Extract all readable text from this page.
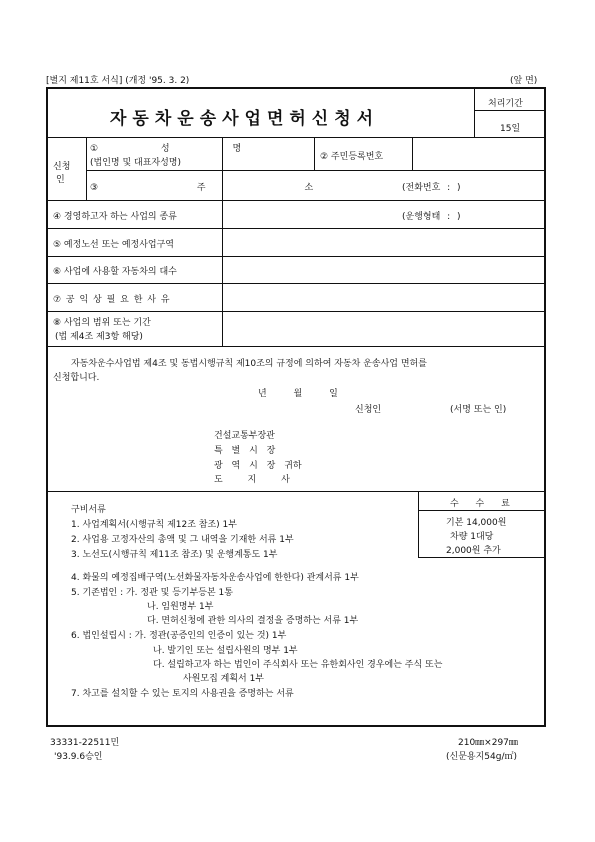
[별지 제11호 서식] (개정 '95. 3. 2)	(앞 면)
자동차운송사업면허신청서
처리기간
15일
신청
인
① 성 명
(법인명 및 대표자성명)
② 주민등록번호
③ 주 소	(전화번호 : )
④ 경영하고자 하는 사업의 종류	(운행형태 : )
⑤ 예정노선 또는 예정사업구역
⑥ 사업에 사용할 자동차의 대수
⑦ 공 익 상 필 요 한 사 유
⑧ 사업의 범위 또는 기간
(법 제4조 제3항 해당)
자동차운수사업법 제4조 및 동법시행규칙 제10조의 규정에 의하여 자동차 운송사업 면허를
신청합니다.
년 월 일
신청인	(서명 또는 인)
건설교통부장관
특 별 시 장
광 역 시 장 귀하
도 지 사
수 수 료
기본 14,000원
차량 1대당
2,000원 추가
구비서류
1. 사업계획서(시행규칙 제12조 참조) 1부
2. 사업용 고정자산의 총액 및 그 내역을 기재한 서류 1부
3. 노선도(시행규칙 제11조 참조) 및 운행계통도 1부
4. 화물의 예정집배구역(노선화물자동차운송사업에 한한다) 관계서류 1부
5. 기존법인 : 가. 정관 및 등기부등본 1통
나. 임원명부 1부
다. 면허신청에 관한 의사의 결정을 증명하는 서류 1부
6. 법인설립시 : 가. 정관(공증인의 인증이 있는 것) 1부
나. 발기인 또는 설립사원의 명부 1부
다. 설립하고자 하는 법인이 주식회사 또는 유한회사인 경우에는 주식 또는
사원모집 계획서 1부
7. 차고를 설치할 수 있는 토지의 사용권을 증명하는 서류
33331-22511민
'93.9.6승인
210㎜×297㎜
(신문용지54g/㎡)
